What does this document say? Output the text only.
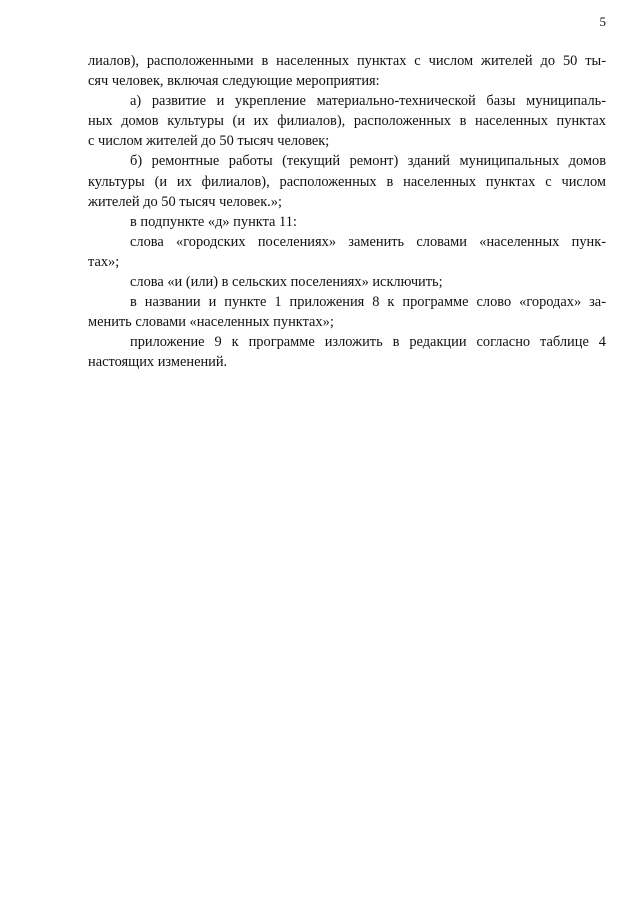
5
лиалов), расположенными в населенных пунктах с числом жителей до 50 ты-
сяч человек, включая следующие мероприятия:
а) развитие и укрепление материально-технической базы муниципаль-
ных домов культуры (и их филиалов), расположенных в населенных пунктах
с числом жителей до 50 тысяч человек;
б) ремонтные работы (текущий ремонт) зданий муниципальных домов
культуры (и их филиалов), расположенных в населенных пунктах с числом
жителей до 50 тысяч человек.»;
в подпункте «д» пункта 11:
слова «городских поселениях» заменить словами «населенных пунк-
тах»;
слова «и (или) в сельских поселениях» исключить;
в названии и пункте 1 приложения 8 к программе слово «городах» за-
менить словами «населенных пунктах»;
приложение 9 к программе изложить в редакции согласно таблице 4
настоящих изменений.
